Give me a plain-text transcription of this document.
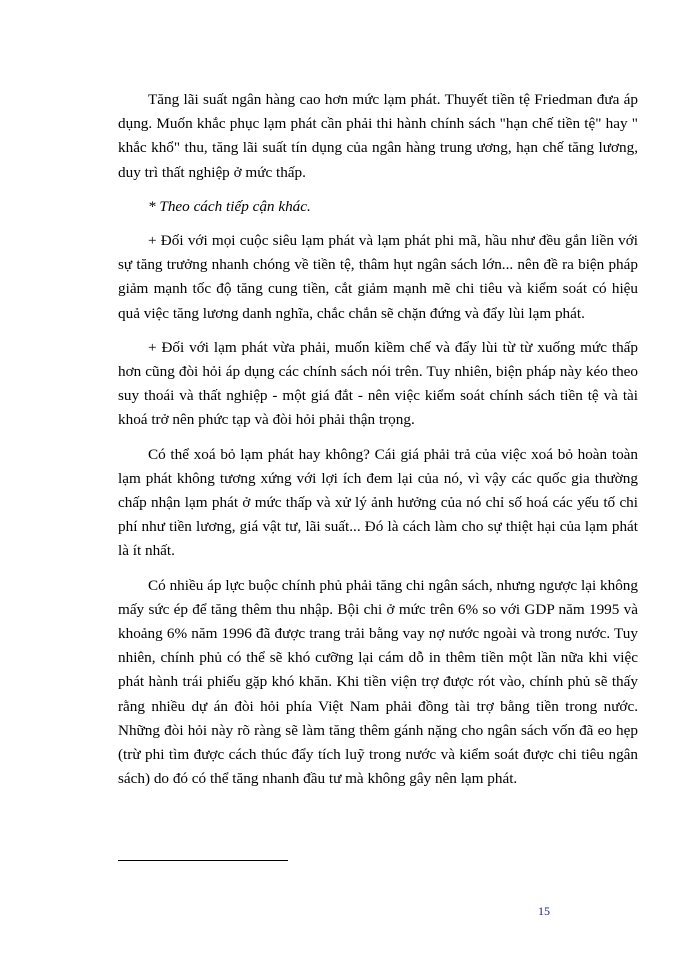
Tăng lãi suất ngân hàng cao hơn mức lạm phát. Thuyết tiền tệ Friedman đưa áp dụng. Muốn khắc phục lạm phát cần phải thi hành chính sách "hạn chế tiền tệ" hay " khắc khổ" thu, tăng lãi suất tín dụng của ngân hàng trung ương, hạn chế tăng lương, duy trì thất nghiệp ở mức thấp.

* Theo cách tiếp cận khác.

+ Đối với mọi cuộc siêu lạm phát và lạm phát phi mã, hầu như đều gắn liền với sự tăng trưởng nhanh chóng về tiền tệ, thâm hụt ngân sách lớn... nên đề ra biện pháp giảm mạnh tốc độ tăng cung tiền, cắt giảm mạnh mẽ chi tiêu và kiểm soát có hiệu quả việc tăng lương danh nghĩa, chắc chắn sẽ chặn đứng và đẩy lùi lạm phát.

+ Đối với lạm phát vừa phải, muốn kiềm chế và đẩy lùi từ từ xuống mức thấp hơn cũng đòi hỏi áp dụng các chính sách nói trên. Tuy nhiên, biện pháp này kéo theo suy thoái và thất nghiệp - một giá đắt - nên việc kiểm soát chính sách tiền tệ và tài khoá trở nên phức tạp và đòi hỏi phải thận trọng.

Có thể xoá bỏ lạm phát hay không? Cái giá phải trả của việc xoá bỏ hoàn toàn lạm phát không tương xứng với lợi ích đem lại của nó, vì vậy các quốc gia thường chấp nhận lạm phát ở mức thấp và xử lý ảnh hưởng của nó chỉ số hoá các yếu tố chi phí như tiền lương, giá vật tư, lãi suất... Đó là cách làm cho sự thiệt hại của lạm phát là ít nhất.

Có nhiều áp lực buộc chính phủ phải tăng chi ngân sách, nhưng ngược lại không mấy sức ép để tăng thêm thu nhập. Bội chi ở mức trên 6% so với GDP năm 1995 và khoảng 6% năm 1996 đã được trang trải bằng vay nợ nước ngoài và trong nước. Tuy nhiên, chính phủ có thể sẽ khó cưỡng lại cám dỗ in thêm tiền một lần nữa khi việc phát hành trái phiếu gặp khó khăn. Khi tiền viện trợ được rót vào, chính phủ sẽ thấy rằng nhiều dự án đòi hỏi phía Việt Nam phải đồng tài trợ bằng tiền trong nước. Những đòi hỏi này rõ ràng sẽ làm tăng thêm gánh nặng cho ngân sách vốn đã eo hẹp (trừ phi tìm được cách thúc đẩy tích luỹ trong nước và kiểm soát được chi tiêu ngân sách) do đó có thể tăng nhanh đầu tư mà không gây nên lạm phát.

15
